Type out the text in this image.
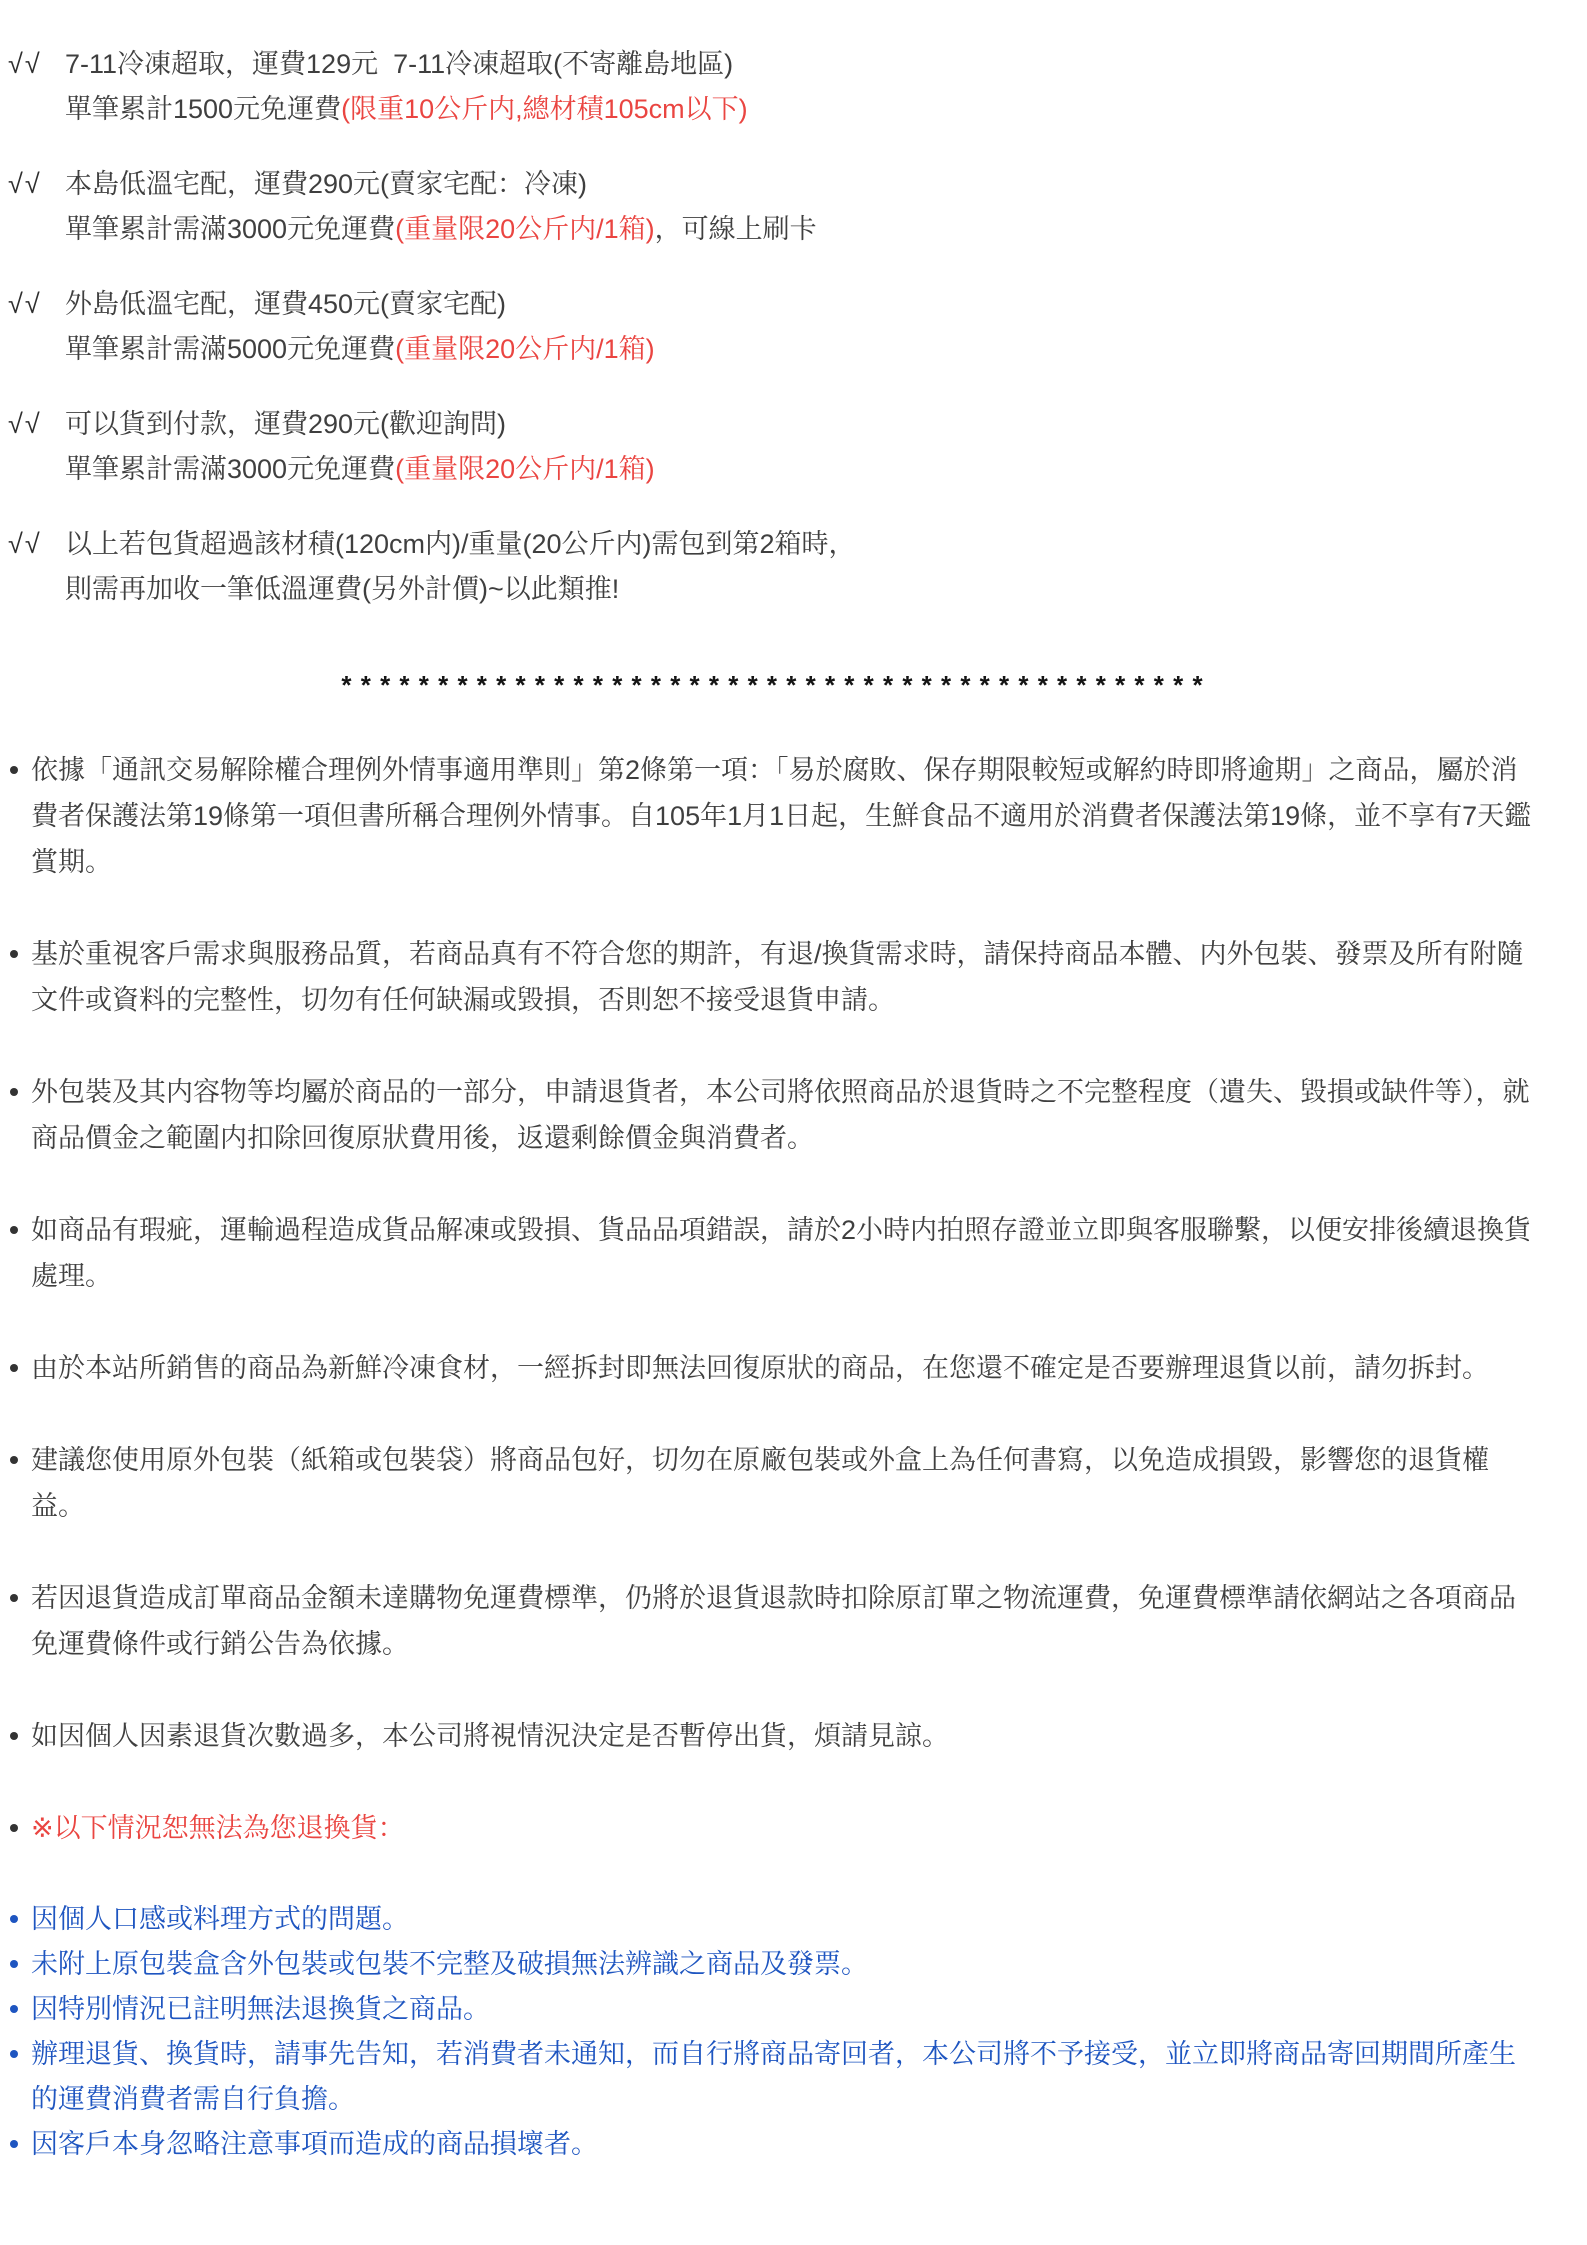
√√ 7-11冷凍超取，運費129元  7-11冷凍超取(不寄離島地區)
單筆累計1500元免運費(限重10公斤内,總材積105cm以下)
√√ 本島低溫宅配，運費290元(賣家宅配：冷凍)
單筆累計需滿3000元免運費(重量限20公斤内/1箱)，可線上刷卡
√√ 外島低溫宅配，運費450元(賣家宅配)
單筆累計需滿5000元免運費(重量限20公斤内/1箱)
√√ 可以貨到付款，運費290元(歡迎詢問)
單筆累計需滿3000元免運費(重量限20公斤内/1箱)
√√ 以上若包貨超過該材積(120cm内)/重量(20公斤内)需包到第2箱時，
則需再加收一筆低溫運費(另外計價)~以此類推!
* * * * * * * * * * * * * * * * * * * * * * * * * * * * * * * * * * * * * * * * * * * * *
依據「通訊交易解除權合理例外情事適用準則」第2條第一項：「易於腐敗、保存期限較短或解約時即將逾期」之商品，屬於消費者保護法第19條第一項但書所稱合理例外情事。自105年1月1日起，生鮮食品不適用於消費者保護法第19條，並不享有7天鑑賞期。
基於重視客戶需求與服務品質，若商品真有不符合您的期許，有退/換貨需求時，請保持商品本體、内外包裝、發票及所有附隨文件或資料的完整性，切勿有任何缺漏或毀損，否則恕不接受退貨申請。
外包裝及其内容物等均屬於商品的一部分，申請退貨者，本公司將依照商品於退貨時之不完整程度（遺失、毀損或缺件等），就商品價金之範圍内扣除回復原狀費用後，返還剩餘價金與消費者。
如商品有瑕疵，運輸過程造成貨品解凍或毀損、貨品品項錯誤，請於2小時内拍照存證並立即與客服聯繫，以便安排後續退換貨處理。
由於本站所銷售的商品為新鮮冷凍食材，一經拆封即無法回復原狀的商品，在您還不確定是否要辦理退貨以前，請勿拆封。
建議您使用原外包裝（紙箱或包裝袋）將商品包好，切勿在原廠包裝或外盒上為任何書寫，以免造成損毀，影響您的退貨權益。
若因退貨造成訂單商品金額未達購物免運費標準，仍將於退貨退款時扣除原訂單之物流運費，免運費標準請依網站之各項商品免運費條件或行銷公告為依據。
如因個人因素退貨次數過多，本公司將視情況決定是否暫停出貨，煩請見諒。
※以下情況恕無法為您退換貨：
因個人口感或料理方式的問題。
未附上原包裝盒含外包裝或包裝不完整及破損無法辨識之商品及發票。
因特別情況已註明無法退換貨之商品。
辦理退貨、換貨時，請事先告知，若消費者未通知，而自行將商品寄回者，本公司將不予接受，並立即將商品寄回期間所產生的運費消費者需自行負擔。
因客戶本身忽略注意事項而造成的商品損壞者。
